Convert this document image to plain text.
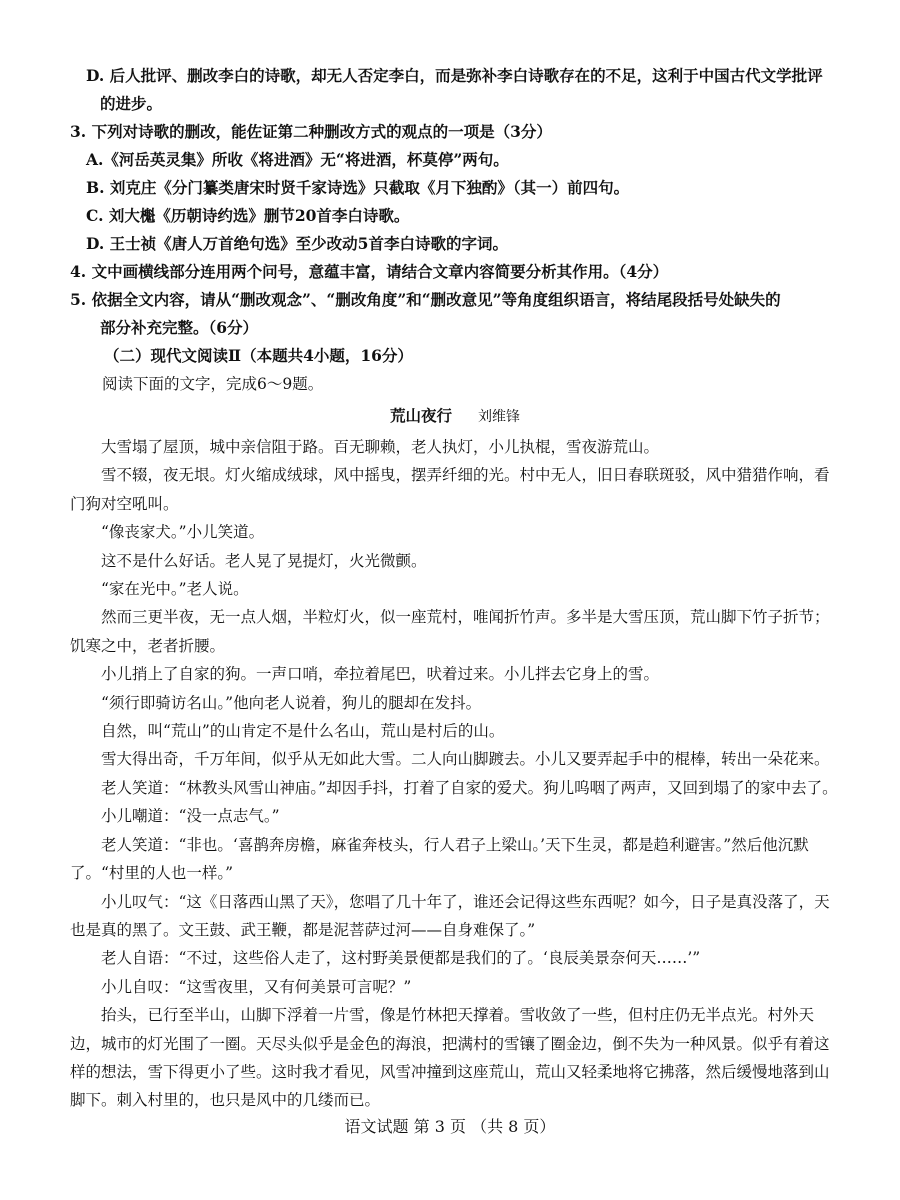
D. 后人批评、删改李白的诗歌，却无人否定李白，而是弥补李白诗歌存在的不足，这利于中国古代文学批评
的进步。
3. 下列对诗歌的删改，能佐证第二种删改方式的观点的一项是（3分）
A.《河岳英灵集》所收《将进酒》无“将进酒，杯莫停”两句。
B. 刘克庄《分门纂类唐宋时贤千家诗选》只截取《月下独酌》（其一）前四句。
C. 刘大櫆《历朝诗约选》删节20首李白诗歌。
D. 王士祯《唐人万首绝句选》至少改动5首李白诗歌的字词。
4. 文中画横线部分连用两个问号，意蕴丰富，请结合文章内容简要分析其作用。（4分）
5. 依据全文内容，请从“删改观念”、“删改角度”和“删改意见”等角度组织语言，将结尾段括号处缺失的
部分补充完整。（6分）
（二）现代文阅读Ⅱ（本题共4小题，16分）
阅读下面的文字，完成6～9题。
荒山夜行 刘维锋
大雪塌了屋顶，城中亲信阻于路。百无聊赖，老人执灯，小儿执棍，雪夜游荒山。
雪不辍，夜无垠。灯火缩成绒球，风中摇曳，摆弄纤细的光。村中无人，旧日春联斑驳，风中猎猎作响，看门狗对空吼叫。
“像丧家犬。”小儿笑道。
这不是什么好话。老人晃了晃提灯，火光微颤。
“家在光中。”老人说。
然而三更半夜，无一点人烟，半粒灯火，似一座荒村，唯闻折竹声。多半是大雪压顶，荒山脚下竹子折节；饥寒之中，老者折腰。
小儿捎上了自家的狗。一声口哨，牵拉着尾巴，吠着过来。小儿拌去它身上的雪。
“须行即骑访名山。”他向老人说着，狗儿的腿却在发抖。
自然，叫“荒山”的山肯定不是什么名山，荒山是村后的山。
雪大得出奇，千万年间，似乎从无如此大雪。二人向山脚踱去。小儿又要弄起手中的棍棒，转出一朵花来。
老人笑道：“林教头风雪山神庙。”却因手抖，打着了自家的爱犬。狗儿呜咽了两声，又回到塌了的家中去了。
小儿嘲道：“没一点志气。”
老人笑道：“非也。‘喜鹊奔房檐，麻雀奔枝头，行人君子上梁山。’天下生灵，都是趋利避害。”然后他沉默了。“村里的人也一样。”
小儿叹气：“这《日落西山黑了天》，您唱了几十年了，谁还会记得这些东西呢？如今，日子是真没落了，天也是真的黑了。文王鼓、武王鞭，都是泥菩萨过河——自身难保了。”
老人自语：“不过，这些俗人走了，这村野美景便都是我们的了。‘良辰美景奈何天……’”
小儿自叹：“这雪夜里，又有何美景可言呢？”
抬头，已行至半山，山脚下浮着一片雪，像是竹林把天撑着。雪收敛了一些，但村庄仍无半点光。村外天边，城市的灯光围了一圈。天尽头似乎是金色的海浪，把满村的雪镶了圈金边，倒不失为一种风景。似乎有着这样的想法，雪下得更小了些。这时我才看见，风雪冲撞到这座荒山，荒山又轻柔地将它拂落，然后缓慢地落到山脚下。刺入村里的，也只是风中的几缕而已。
语文试题 第 3 页 （共 8 页）
